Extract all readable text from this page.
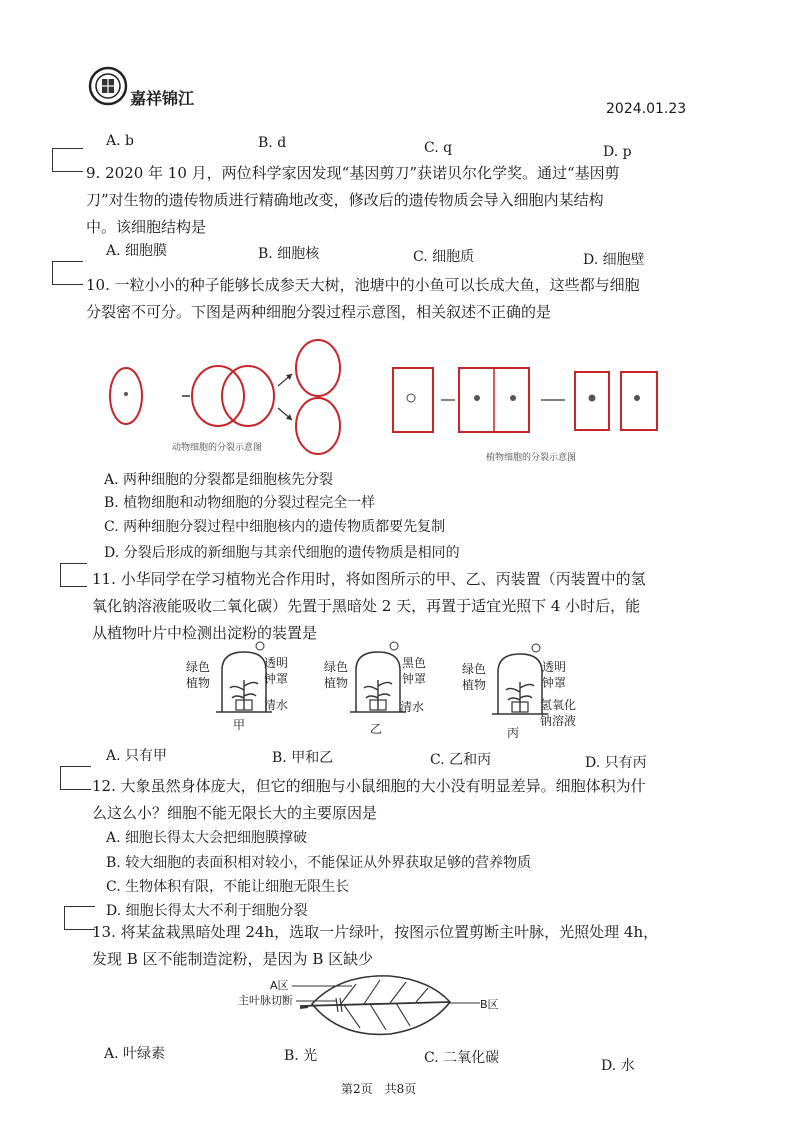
嘉祥锦江
2024.01.23
A. b	B. d	C. q	D. p
9. 2020 年 10 月，两位科学家因发现“基因剪刀”获诺贝尔化学奖。通过“基因剪
刀”对生物的遗传物质进行精确地改变，修改后的遗传物质会导入细胞内某结构
中。该细胞结构是
A. 细胞膜	B. 细胞核	C. 细胞质	D. 细胞壁
10. 一粒小小的种子能够长成参天大树，池塘中的小鱼可以长成大鱼，这些都与细胞
分裂密不可分。下图是两种细胞分裂过程示意图，相关叙述不正确的是
动物细胞的分裂示意图
植物细胞的分裂示意图
A. 两种细胞的分裂都是细胞核先分裂
B. 植物细胞和动物细胞的分裂过程完全一样
C. 两种细胞分裂过程中细胞核内的遗传物质都要先复制
D. 分裂后形成的新细胞与其亲代细胞的遗传物质是相同的
11. 小华同学在学习植物光合作用时，将如图所示的甲、乙、丙装置（丙装置中的氢
氧化钠溶液能吸收二氧化碳）先置于黑暗处 2 天，再置于适宜光照下 4 小时后，能
从植物叶片中检测出淀粉的装置是
绿色
植物
透明
钟罩
清水
甲
绿色
植物
黑色
钟罩
清水
乙
绿色
植物
透明
钟罩
氢氧化
钠溶液
丙
A. 只有甲	B. 甲和乙	C. 乙和丙	D. 只有丙
12. 大象虽然身体庞大，但它的细胞与小鼠细胞的大小没有明显差异。细胞体积为什
么这么小？细胞不能无限长大的主要原因是
A. 细胞长得太大会把细胞膜撑破
B. 较大细胞的表面积相对较小，不能保证从外界获取足够的营养物质
C. 生物体积有限，不能让细胞无限生长
D. 细胞长得太大不利于细胞分裂
13. 将某盆栽黑暗处理 24h，选取一片绿叶，按图示位置剪断主叶脉，光照处理 4h，
发现 B 区不能制造淀粉，是因为 B 区缺少
A区
主叶脉切断	B区
A. 叶绿素	B. 光	C. 二氧化碳	D. 水
第2页　共8页
